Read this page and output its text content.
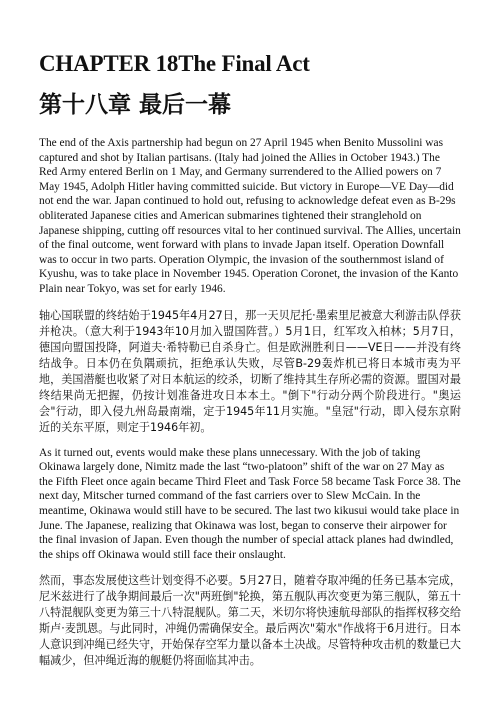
CHAPTER 18The Final Act
第十八章 最后一幕

The end of the Axis partnership had begun on 27 April 1945 when Benito Mussolini was captured and shot by Italian partisans. (Italy had joined the Allies in October 1943.) The Red Army entered Berlin on 1 May, and Germany surrendered to the Allied powers on 7 May 1945, Adolph Hitler having committed suicide. But victory in Europe—VE Day—did not end the war. Japan continued to hold out, refusing to acknowledge defeat even as B-29s obliterated Japanese cities and American submarines tightened their stranglehold on Japanese shipping, cutting off resources vital to her continued survival. The Allies, uncertain of the final outcome, went forward with plans to invade Japan itself. Operation Downfall was to occur in two parts. Operation Olympic, the invasion of the southernmost island of Kyushu, was to take place in November 1945. Operation Coronet, the invasion of the Kanto Plain near Tokyo, was set for early 1946.

轴心国联盟的终结始于1945年4月27日，那一天贝尼托·墨索里尼被意大利游击队俘获并枪决。（意大利于1943年10月加入盟国阵营。）5月1日，红军攻入柏林；5月7日，德国向盟国投降，阿道夫·希特勒已自杀身亡。但是欧洲胜利日——VE日——并没有终结战争。日本仍在负隅顽抗，拒绝承认失败，尽管B-29轰炸机已将日本城市夷为平地，美国潜艇也收紧了对日本航运的绞杀，切断了维持其生存所必需的资源。盟国对最终结果尚无把握，仍按计划准备进攻日本本土。"倒下"行动分两个阶段进行。"奥运会"行动，即入侵九州岛最南端，定于1945年11月实施。"皇冠"行动，即入侵东京附近的关东平原，则定于1946年初。

As it turned out, events would make these plans unnecessary. With the job of taking Okinawa largely done, Nimitz made the last “two-platoon” shift of the war on 27 May as the Fifth Fleet once again became Third Fleet and Task Force 58 became Task Force 38. The next day, Mitscher turned command of the fast carriers over to Slew McCain. In the meantime, Okinawa would still have to be secured. The last two kikusui would take place in June. The Japanese, realizing that Okinawa was lost, began to conserve their airpower for the final invasion of Japan. Even though the number of special attack planes had dwindled, the ships off Okinawa would still face their onslaught.

然而，事态发展使这些计划变得不必要。5月27日，随着夺取冲绳的任务已基本完成，尼米兹进行了战争期间最后一次"两班倒"轮换，第五舰队再次变更为第三舰队，第五十八特混舰队变更为第三十八特混舰队。第二天，米切尔将快速航母部队的指挥权移交给斯卢·麦凯恩。与此同时，冲绳仍需确保安全。最后两次"菊水"作战将于6月进行。日本人意识到冲绳已经失守，开始保存空军力量以备本土决战。尽管特种攻击机的数量已大幅减少，但冲绳近海的舰艇仍将面临其冲击。
